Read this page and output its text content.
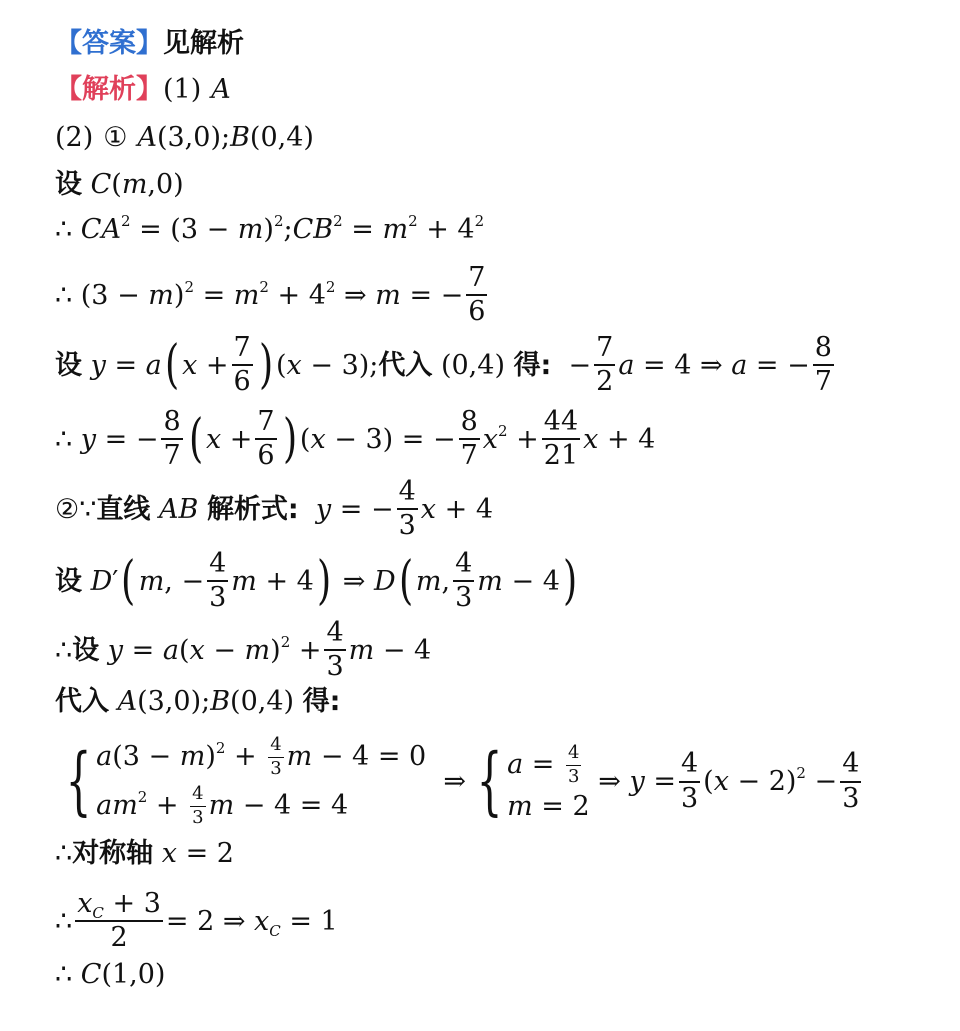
【答案】 见解析
【解析】 (1) A
(2) ① A(3,0);B(0,4)
设 C(m,0)
∴ $CA^2 = (3$ − $m)^2;CB^2 = m^2 + 4^2$
∴ $(3 - m)^2 = m^2 + 4^2$ ⇒ m = − $\frac{7}{6}$
设 y = a ( $x + \frac{7}{6}$ ) (x − 3); 代入 (0,4) 得: − $\frac{7}{2}$ a = 4 ⇒ a = − $\frac{8}{7}$
∴ y = − $\frac{8}{7}$ ( $x + \frac{7}{6}$ ) (x − 3) = − $\frac{8}{7} x^2 + \frac{44}{21}$ x + 4
② ∵ 直线 AB 解析式: y = − $\frac{4}{3}$ x + 4
设 D′ ( m, − $\frac{4}{3}$ m + 4 ) ⇒ D ( m, $\frac{4}{3}$ m − 4 )
∴ 设 $y = a(x - m)^2 + \frac{4}{3}$ m − 4
代入 A(3,0);B(0,4) 得:
{ $a(3 - m)^2 + \frac{4}{3}$ m − 4 = 0
$am^2 + \frac{4}{3}$ m − 4 = 4
⇒ { $a = \frac{4}{3}$
m = 2
⇒ $y = \frac{4}{3} (x - 2)^2 - \frac{4}{3}$
∴ 对称轴 x = 2
∴ $\frac{x_C + 3}{2} = 2$ ⇒ $x_C = 1$
∴ C(1,0)
